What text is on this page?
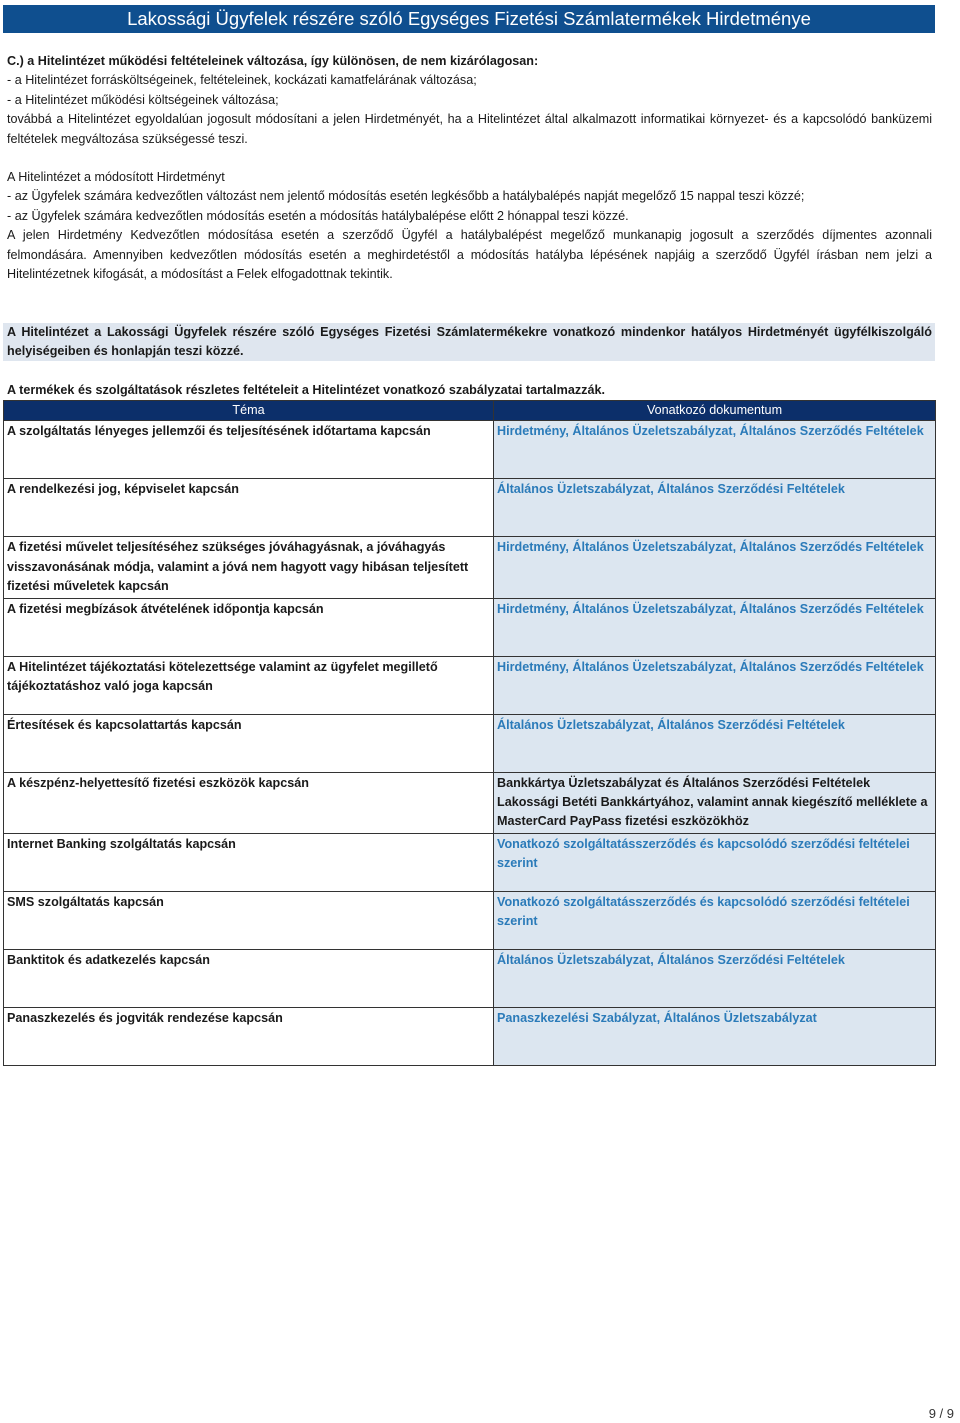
Lakossági Ügyfelek részére szóló Egységes Fizetési Számlatermékek Hirdetménye

C.) a Hitelintézet működési feltételeinek változása, így különösen, de nem kizárólagosan:

- a Hitelintézet forrásköltségeinek, feltételeinek, kockázati kamatfelárának változása;

- a Hitelintézet működési költségeinek változása;

továbbá a Hitelintézet egyoldalúan jogosult módosítani a jelen Hirdetményét, ha a Hitelintézet által alkalmazott informatikai környezet- és a kapcsolódó banküzemi feltételek megváltozása szükségessé teszi.

A Hitelintézet a módosított Hirdetményt

- az Ügyfelek számára kedvezőtlen változást nem jelentő módosítás esetén legkésőbb a hatálybalépés napját megelőző 15 nappal teszi közzé;

- az Ügyfelek számára kedvezőtlen módosítás esetén a módosítás hatálybalépése előtt 2 hónappal teszi közzé.

A jelen Hirdetmény Kedvezőtlen módosítása esetén a szerződő Ügyfél a hatálybalépést megelőző munkanapig jogosult a szerződés díjmentes azonnali felmondására. Amennyiben kedvezőtlen módosítás esetén a meghirdetéstől a módosítás hatályba lépésének napjáig a szerződő Ügyfél írásban nem jelzi a Hitelintézetnek kifogását, a módosítást a Felek elfogadottnak tekintik.

A Hitelintézet a Lakossági Ügyfelek részére szóló Egységes Fizetési Számlatermékekre vonatkozó mindenkor hatályos Hirdetményét ügyfélkiszolgáló helyiségeiben és honlapján teszi közzé.
A termékek és szolgáltatások részletes feltételeit a Hitelintézet vonatkozó szabályzatai tartalmazzák.
Téma	Vonatkozó dokumentum
A szolgáltatás lényeges jellemzői és teljesítésének időtartama kapcsán	Hirdetmény, Általános Üzeletszabályzat, Általános Szerződés Feltételek
A rendelkezési jog, képviselet kapcsán	Általános Üzletszabályzat, Általános Szerződési Feltételek
A fizetési művelet teljesítéséhez szükséges jóváhagyásnak, a jóváhagyás visszavonásának módja, valamint a jóvá nem hagyott vagy hibásan teljesített fizetési műveletek kapcsán	Hirdetmény, Általános Üzeletszabályzat, Általános Szerződés Feltételek
A fizetési megbízások átvételének időpontja kapcsán	Hirdetmény, Általános Üzeletszabályzat, Általános Szerződés Feltételek
A Hitelintézet tájékoztatási kötelezettsége valamint az ügyfelet megillető tájékoztatáshoz való joga kapcsán	Hirdetmény, Általános Üzeletszabályzat, Általános Szerződés Feltételek
Értesítések és kapcsolattartás kapcsán	Általános Üzletszabályzat, Általános Szerződési Feltételek
A készpénz-helyettesítő fizetési eszközök kapcsán	Bankkártya Üzletszabályzat és Általános Szerződési Feltételek Lakossági Betéti Bankkártyához, valamint annak kiegészítő melléklete a MasterCard PayPass fizetési eszközökhöz
Internet Banking szolgáltatás kapcsán	Vonatkozó szolgáltatásszerződés és kapcsolódó szerződési feltételei szerint
SMS szolgáltatás kapcsán	Vonatkozó szolgáltatásszerződés és kapcsolódó szerződési feltételei szerint
Banktitok és adatkezelés kapcsán	Általános Üzletszabályzat, Általános Szerződési Feltételek
Panaszkezelés és jogviták rendezése kapcsán	Panaszkezelési Szabályzat, Általános Üzletszabályzat
9 / 9
